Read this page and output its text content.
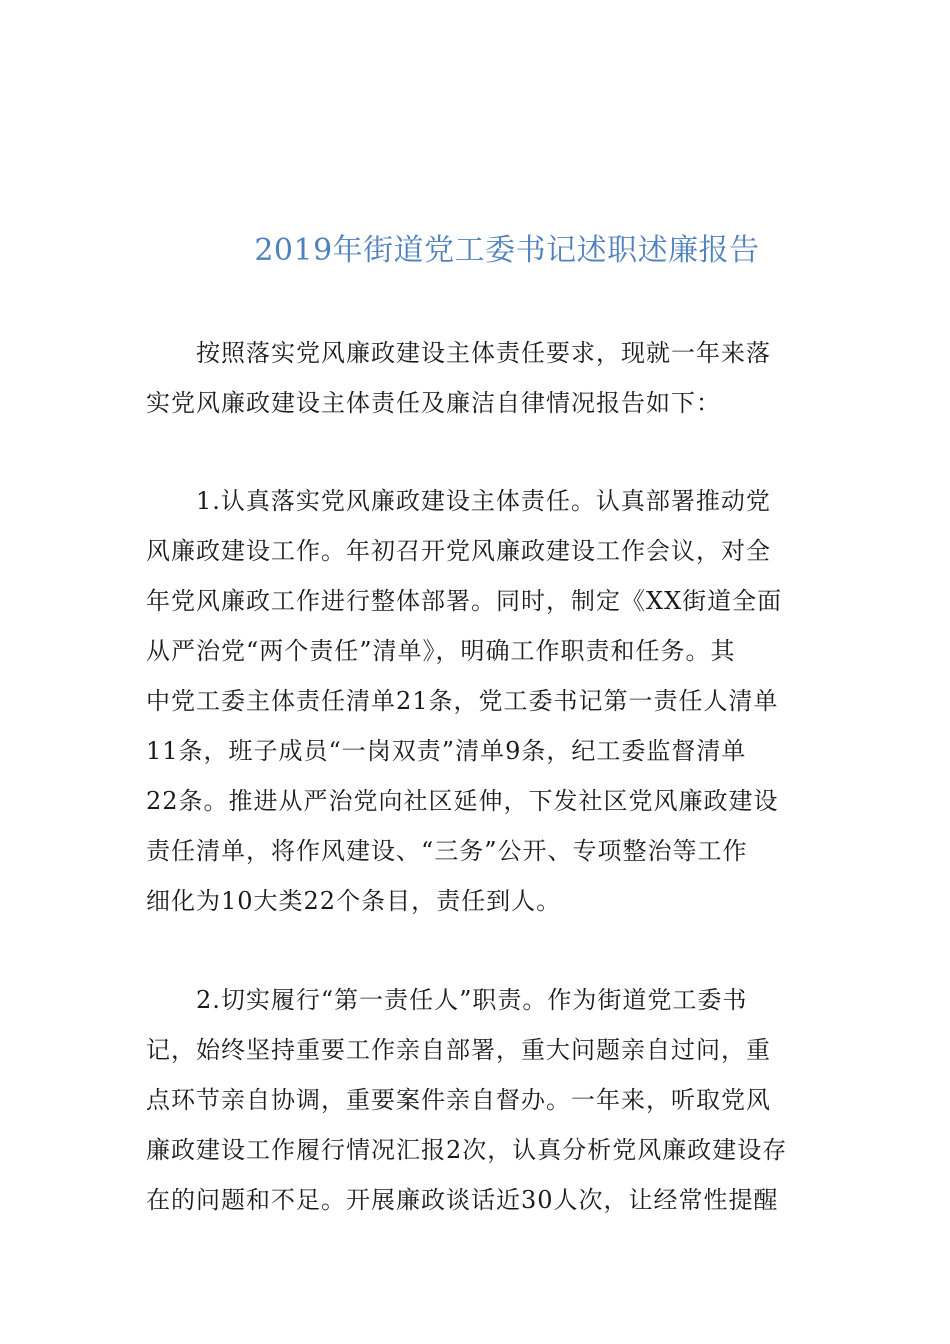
2019年街道党工委书记述职述廉报告

　　按照落实党风廉政建设主体责任要求，现就一年来落
实党风廉政建设主体责任及廉洁自律情况报告如下：

　　1.认真落实党风廉政建设主体责任。认真部署推动党
风廉政建设工作。年初召开党风廉政建设工作会议，对全
年党风廉政工作进行整体部署。同时，制定《XX街道全面
从严治党“两个责任”清单》，明确工作职责和任务。其
中党工委主体责任清单21条，党工委书记第一责任人清单
11条，班子成员“一岗双责”清单9条，纪工委监督清单
22条。推进从严治党向社区延伸，下发社区党风廉政建设
责任清单，将作风建设、“三务”公开、专项整治等工作
细化为10大类22个条目，责任到人。

　　2.切实履行“第一责任人”职责。作为街道党工委书
记，始终坚持重要工作亲自部署，重大问题亲自过问，重
点环节亲自协调，重要案件亲自督办。一年来，听取党风
廉政建设工作履行情况汇报2次，认真分析党风廉政建设存
在的问题和不足。开展廉政谈话近30人次，让经常性提醒
